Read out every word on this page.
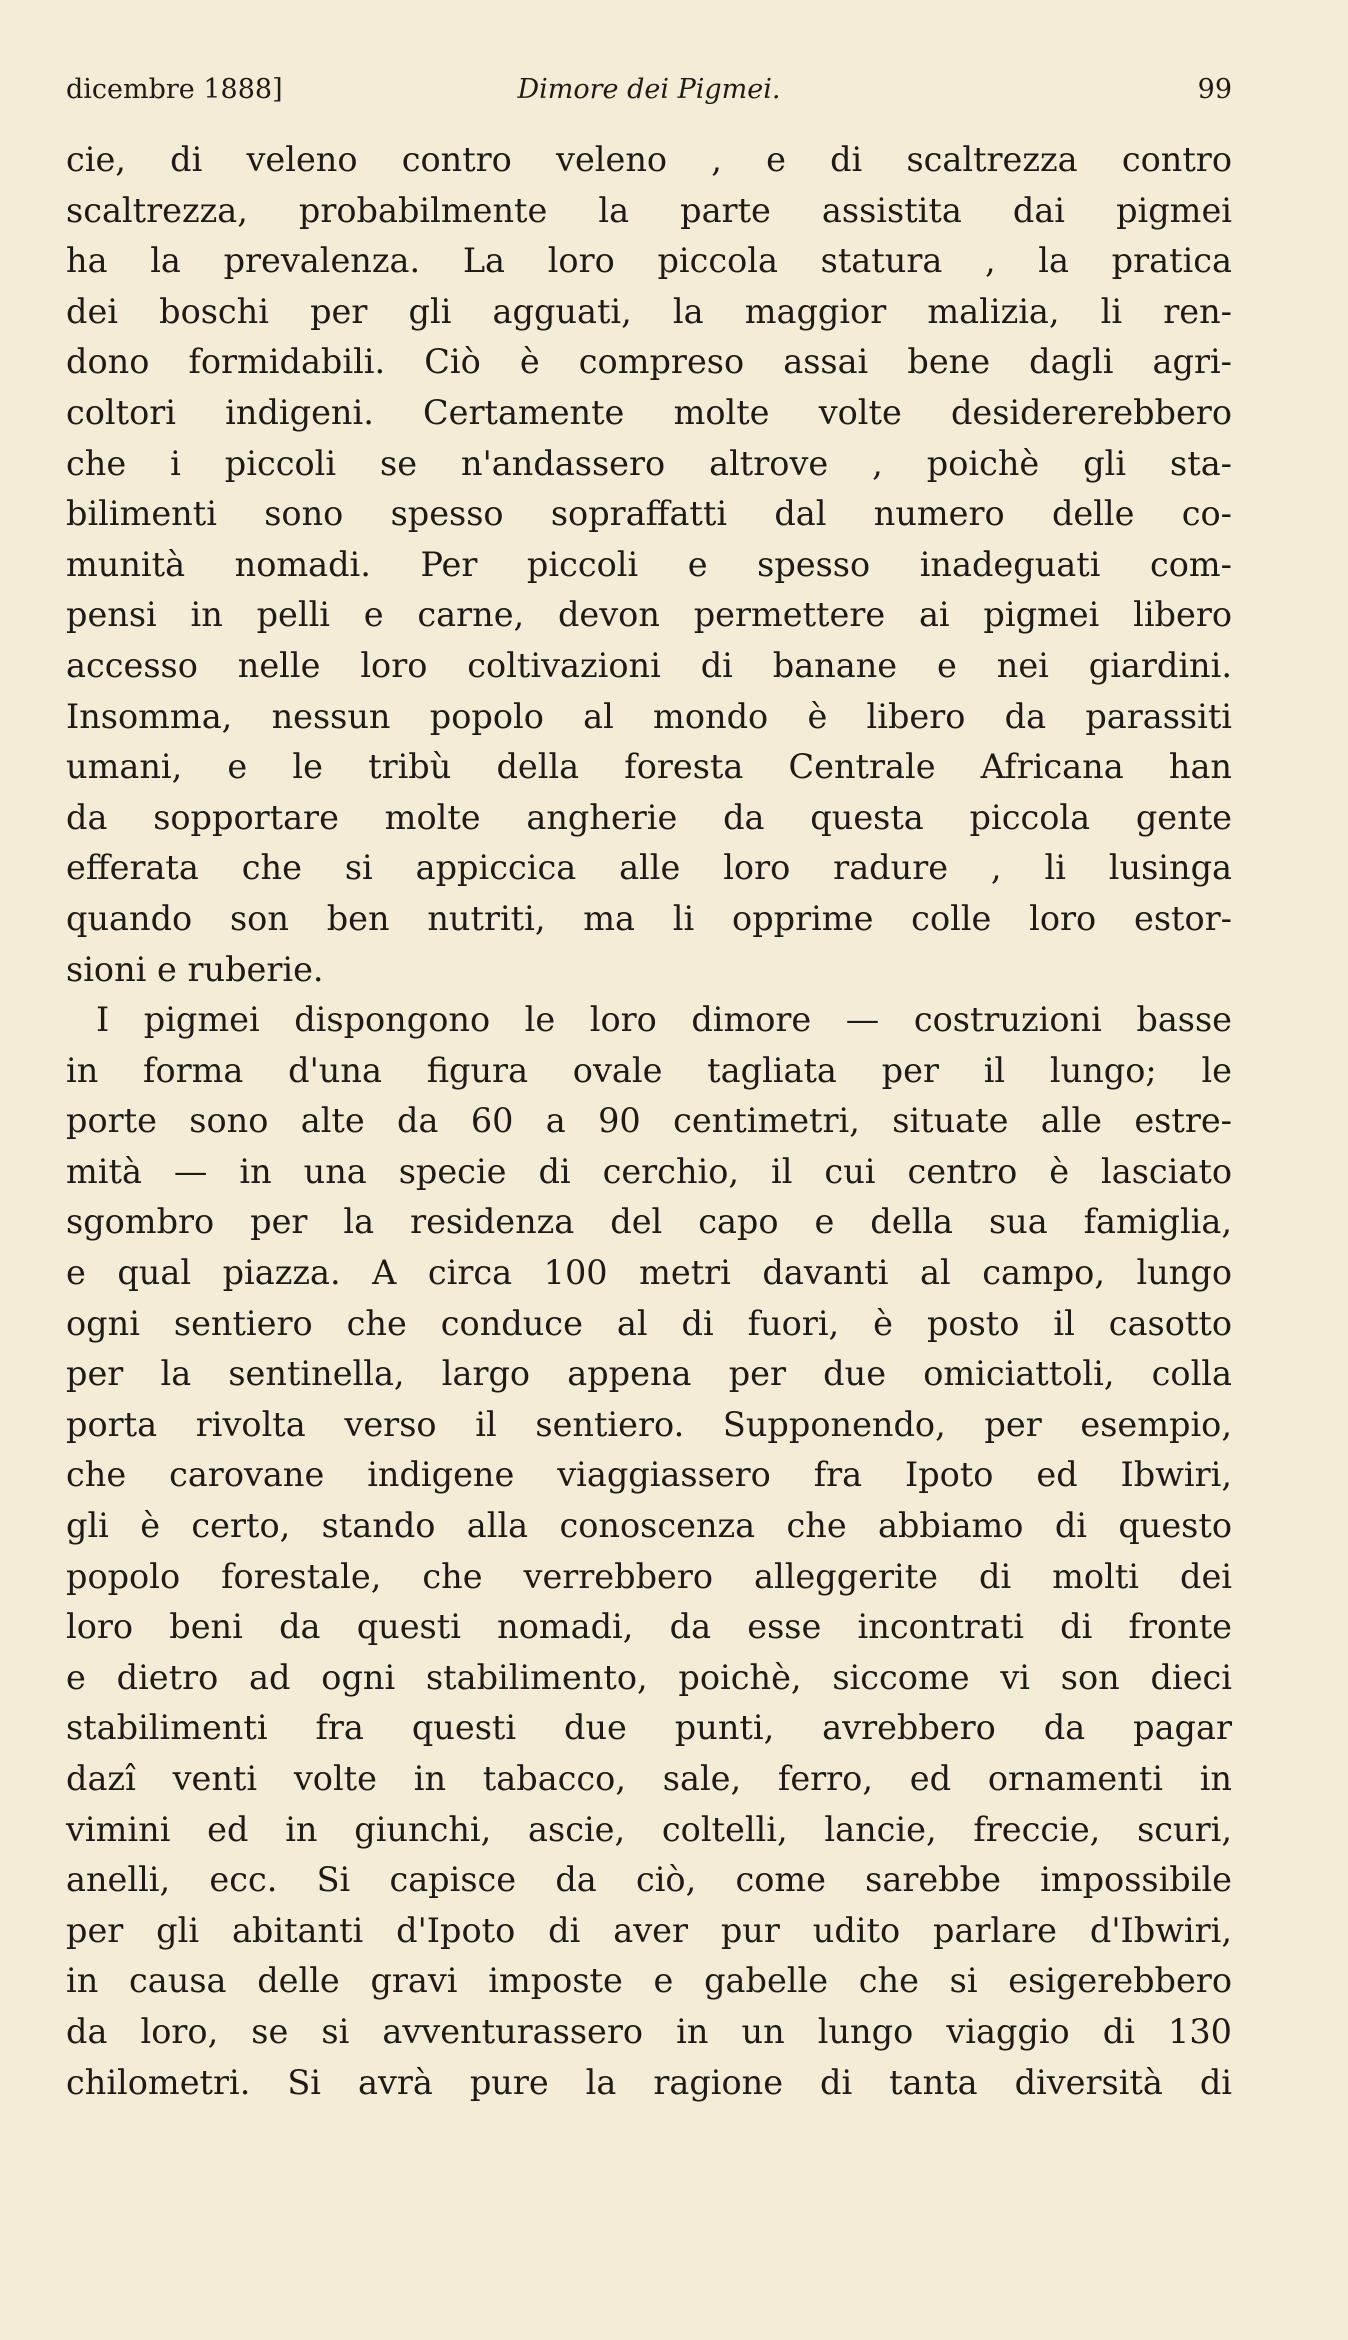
dicembre 1888]	Dimore dei Pigmei.	99
cie, di veleno contro veleno , e di scaltrezza contro
scaltrezza, probabilmente la parte assistita dai pigmei
ha la prevalenza. La loro piccola statura , la pratica
dei boschi per gli agguati, la maggior malizia, li ren-
dono formidabili. Ciò è compreso assai bene dagli agri-
coltori indigeni. Certamente molte volte desidererebbero
che i piccoli se n'andassero altrove , poichè gli sta-
bilimenti sono spesso sopraffatti dal numero delle co-
munità nomadi. Per piccoli e spesso inadeguati com-
pensi in pelli e carne, devon permettere ai pigmei libero
accesso nelle loro coltivazioni di banane e nei giardini.
Insomma, nessun popolo al mondo è libero da parassiti
umani, e le tribù della foresta Centrale Africana han
da sopportare molte angherie da questa piccola gente
efferata che si appiccica alle loro radure , li lusinga
quando son ben nutriti, ma li opprime colle loro estor-
sioni e ruberie.
I pigmei dispongono le loro dimore — costruzioni basse
in forma d'una figura ovale tagliata per il lungo; le
porte sono alte da 60 a 90 centimetri, situate alle estre-
mità — in una specie di cerchio, il cui centro è lasciato
sgombro per la residenza del capo e della sua famiglia,
e qual piazza. A circa 100 metri davanti al campo, lungo
ogni sentiero che conduce al di fuori, è posto il casotto
per la sentinella, largo appena per due omiciattoli, colla
porta rivolta verso il sentiero. Supponendo, per esempio,
che carovane indigene viaggiassero fra Ipoto ed Ibwiri,
gli è certo, stando alla conoscenza che abbiamo di questo
popolo forestale, che verrebbero alleggerite di molti dei
loro beni da questi nomadi, da esse incontrati di fronte
e dietro ad ogni stabilimento, poichè, siccome vi son dieci
stabilimenti fra questi due punti, avrebbero da pagar
dazî venti volte in tabacco, sale, ferro, ed ornamenti in
vimini ed in giunchi, ascie, coltelli, lancie, freccie, scuri,
anelli, ecc. Si capisce da ciò, come sarebbe impossibile
per gli abitanti d'Ipoto di aver pur udito parlare d'Ibwiri,
in causa delle gravi imposte e gabelle che si esigerebbero
da loro, se si avventurassero in un lungo viaggio di 130
chilometri. Si avrà pure la ragione di tanta diversità di
